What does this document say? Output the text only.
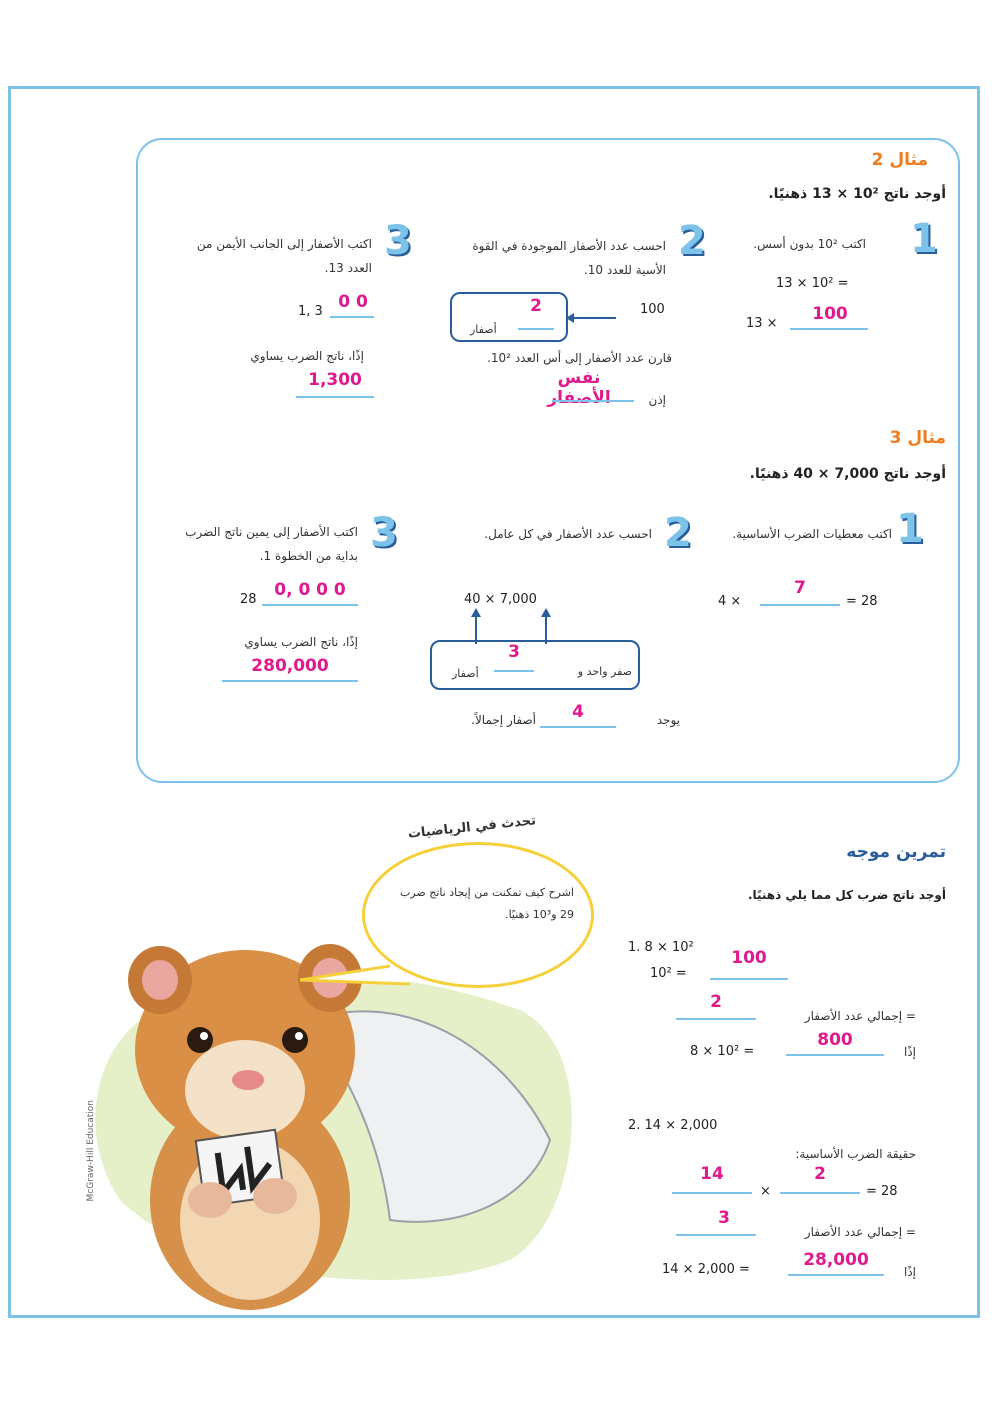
مثال 2
أوجد ناتج 10² × 13 ذهنيًا.
1
اكتب 10² بدون أسس.
13 × 10² =
13 ×	100
2
احسب عدد الأصفار الموجودة في القوة الأسية للعدد 10.
100
2
أصفار
قارن عدد الأصفار إلى أس العدد 10².
نفس الأصفار	إذن
3
اكتب الأصفار إلى الجانب الأيمن من العدد 13.
1, 3 0 0
إذًا، ناتج الضرب يساوي
1,300
مثال 3
أوجد ناتج 7,000 × 40 ذهنيًا.
1
اكتب معطيات الضرب الأساسية.
4 ×
7
= 28
2
احسب عدد الأصفار في كل عامل.
40 × 7,000
3
صفر واحد و
أصفار
يوجد
4
أصفار إجمالاً.
3
اكتب الأصفار إلى يمين ناتج الضرب بداية من الخطوة 1.
28	0, 0 0 0
إذًا، ناتج الضرب يساوي
280,000
McGraw-Hill Education
تحدث في الرياضيات
اشرح كيف تمكنت من إيجاد ناتج ضرب 29 و10³ ذهنيًا.
تمرين موجه
أوجد ناتج ضرب كل مما يلي ذهنيًا.
1. 8 × 10²
10² =
100
2
= إجمالي عدد الأصفار
8 × 10² =
800
إذًا
2. 14 × 2,000
حقيقة الضرب الأساسية:
14
×
2
= 28
3
= إجمالي عدد الأصفار
14 × 2,000 =	28,000
إذًا
